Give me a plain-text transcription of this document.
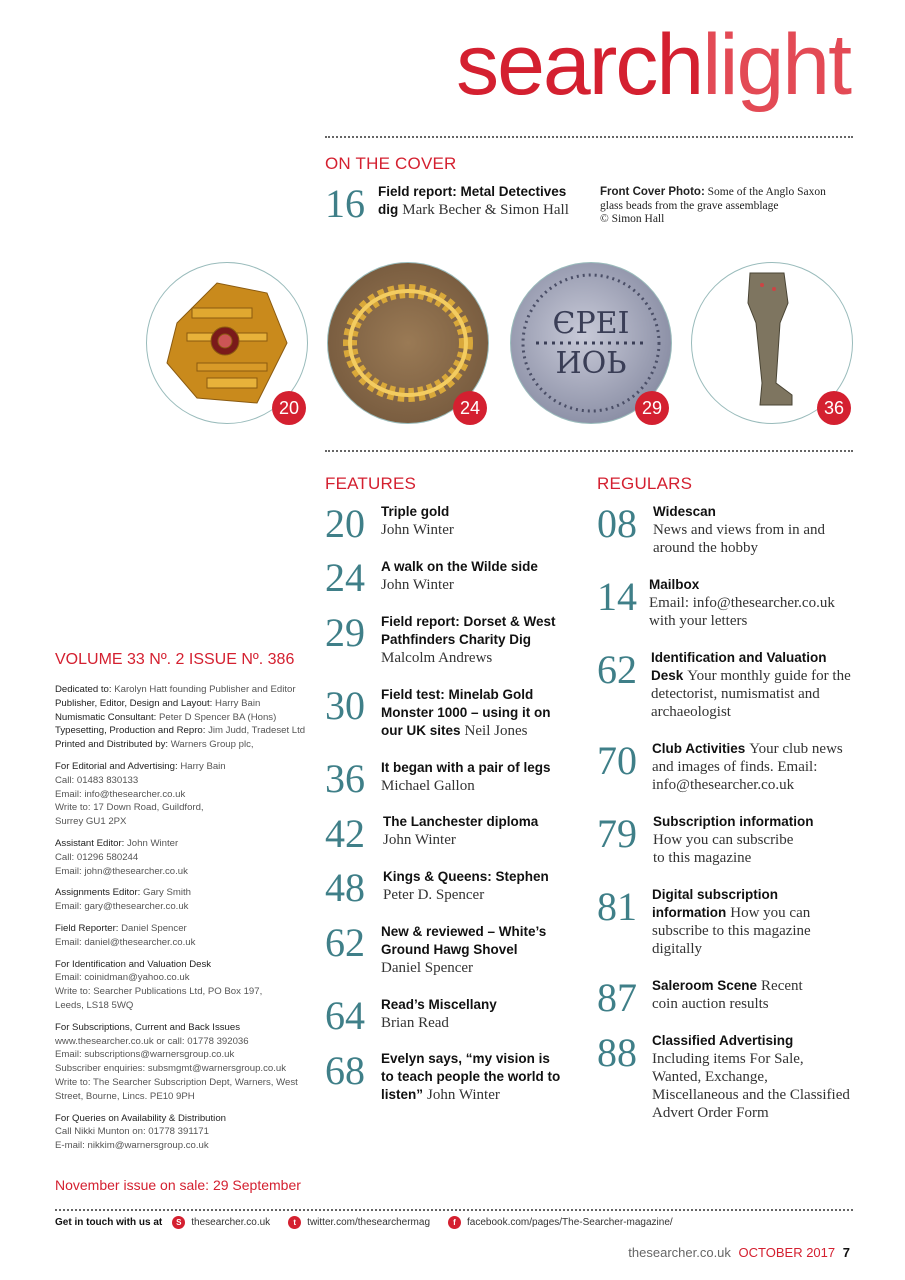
searchlight
ON THE COVER
16 Field report: Metal Detectives dig Mark Becher & Simon Hall
Front Cover Photo: Some of the Anglo Saxon glass beads from the grave assemblage
© Simon Hall
20	24
ЄPEI
ИOЬ
29	36
FEATURES
20 Triple gold
John Winter
24 A walk on the Wilde side
John Winter
29 Field report: Dorset & West Pathfinders Charity Dig
Malcolm Andrews
30 Field test: Minelab Gold Monster 1000 – using it on our UK sites Neil Jones
36 It began with a pair of legs
Michael Gallon
42 The Lanchester diploma
John Winter
48 Kings & Queens: Stephen
Peter D. Spencer
62 New & reviewed – White’s Ground Hawg Shovel
Daniel Spencer
64 Read’s Miscellany
Brian Read
68 Evelyn says, “my vision is to teach people the world to listen” John Winter
REGULARS
08 Widescan
News and views from in and around the hobby
14 Mailbox
Email: info@thesearcher.co.uk with your letters
62 Identification and Valuation Desk Your monthly guide for the detectorist, numismatist and archaeologist
70 Club Activities Your club news and images of finds. Email: info@thesearcher.co.uk
79 Subscription information
How you can subscribe to this magazine
81 Digital subscription information How you can subscribe to this magazine digitally
87 Saleroom Scene Recent coin auction results
88 Classified Advertising
Including items For Sale, Wanted, Exchange, Miscellaneous and the Classified Advert Order Form
VOLUME 33 Nº. 2 ISSUE Nº. 386
Dedicated to: Karolyn Hatt founding Publisher and Editor
Publisher, Editor, Design and Layout: Harry Bain
Numismatic Consultant: Peter D Spencer BA (Hons)
Typesetting, Production and Repro: Jim Judd, Tradeset Ltd
Printed and Distributed by: Warners Group plc,
For Editorial and Advertising: Harry Bain
Call: 01483 830133
Email: info@thesearcher.co.uk
Write to: 17 Down Road, Guildford, Surrey GU1 2PX
Assistant Editor: John Winter
Call: 01296 580244
Email: john@thesearcher.co.uk
Assignments Editor: Gary Smith
Email: gary@thesearcher.co.uk
Field Reporter: Daniel Spencer
Email: daniel@thesearcher.co.uk
For Identification and Valuation Desk
Email: coinidman@yahoo.co.uk
Write to: Searcher Publications Ltd, PO Box 197, Leeds, LS18 5WQ
For Subscriptions, Current and Back Issues
www.thesearcher.co.uk or call: 01778 392036
Email: subscriptions@warnersgroup.co.uk
Subscriber enquiries: subsmgmt@warnersgroup.co.uk
Write to: The Searcher Subscription Dept, Warners, West Street, Bourne, Lincs. PE10 9PH
For Queries on Availability & Distribution
Call Nikki Munton on: 01778 391171
E-mail: nikkim@warnersgroup.co.uk
November issue on sale: 29 September
Get in touch with us at	S thesearcher.co.uk	t	twitter.com/thesearchermag	f	facebook.com/pages/The-Searcher-magazine/
thesearcher.co.uk OCTOBER 2017 7
